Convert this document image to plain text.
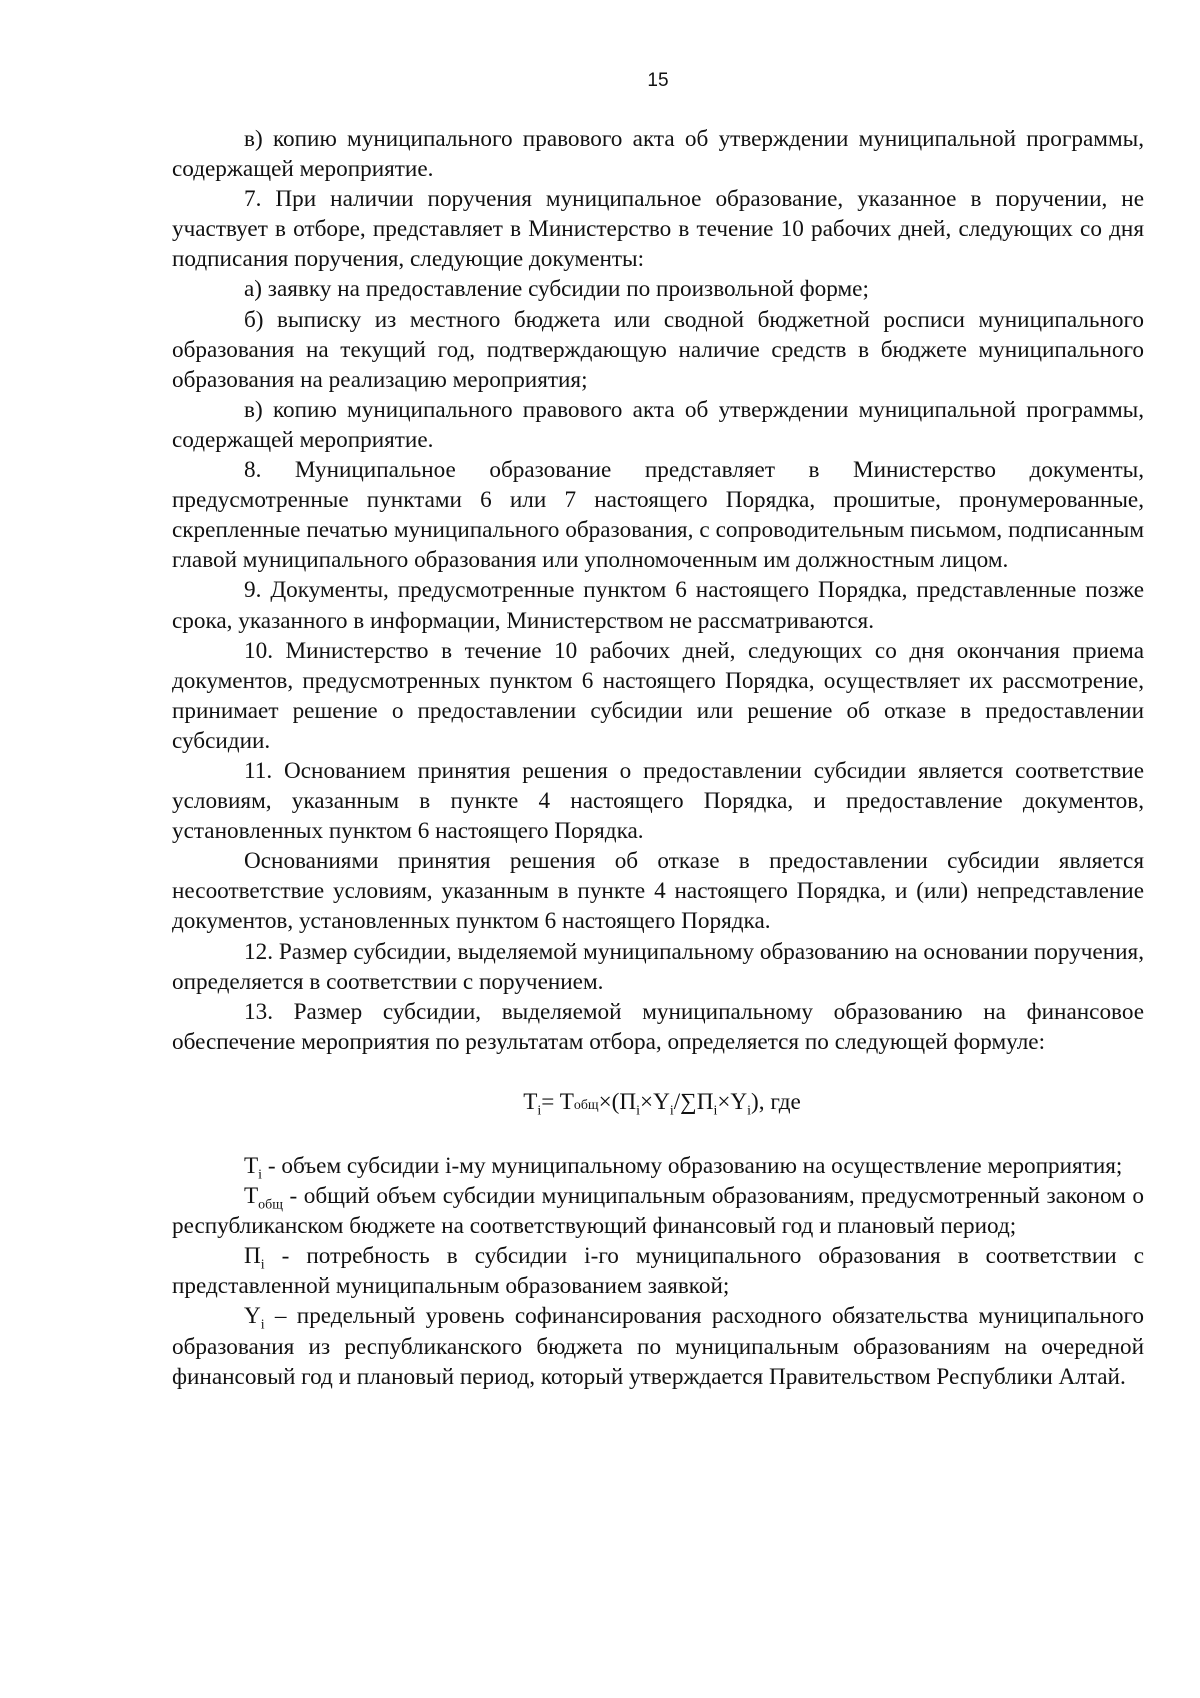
15

в) копию муниципального правового акта об утверждении муниципальной программы, содержащей мероприятие.

7. При наличии поручения муниципальное образование, указанное в поручении, не участвует в отборе, представляет в Министерство в течение 10 рабочих дней, следующих со дня подписания поручения, следующие документы:

а) заявку на предоставление субсидии по произвольной форме;

б) выписку из местного бюджета или сводной бюджетной росписи муниципального образования на текущий год, подтверждающую наличие средств в бюджете муниципального образования на реализацию мероприятия;

в) копию муниципального правового акта об утверждении муниципальной программы, содержащей мероприятие.

8. Муниципальное образование представляет в Министерство документы, предусмотренные пунктами 6 или 7 настоящего Порядка, прошитые, пронумерованные, скрепленные печатью муниципального образования, с сопроводительным письмом, подписанным главой муниципального образования или уполномоченным им должностным лицом.

9. Документы, предусмотренные пунктом 6 настоящего Порядка, представленные позже срока, указанного в информации, Министерством не рассматриваются.

10. Министерство в течение 10 рабочих дней, следующих со дня окончания приема документов, предусмотренных пунктом 6 настоящего Порядка, осуществляет их рассмотрение, принимает решение о предоставлении субсидии или решение об отказе в предоставлении субсидии.

11. Основанием принятия решения о предоставлении субсидии является соответствие условиям, указанным в пункте 4 настоящего Порядка, и предоставление документов, установленных пунктом 6 настоящего Порядка.

Основаниями принятия решения об отказе в предоставлении субсидии является несоответствие условиям, указанным в пункте 4 настоящего Порядка, и (или) непредставление документов, установленных пунктом 6 настоящего Порядка.

12. Размер субсидии, выделяемой муниципальному образованию на основании поручения, определяется в соответствии с поручением.

13. Размер субсидии, выделяемой муниципальному образованию на финансовое обеспечение мероприятия по результатам отбора, определяется по следующей формуле:

$T_i=$ $Tобщ\times(П_i\times Y_i/\sum П_i\times Y_i)$, где

$T_i$ - объем субсидии i-му муниципальному образованию на осуществление мероприятия;

$T_{общ}$ - общий объем субсидии муниципальным образованиям, предусмотренный законом о республиканском бюджете на соответствующий финансовый год и плановый период;

$П_i$ - потребность в субсидии i-го муниципального образования в соответствии с представленной муниципальным образованием заявкой;

$Y_i$ – предельный уровень софинансирования расходного обязательства муниципального образования из республиканского бюджета по муниципальным образованиям на очередной финансовый год и плановый период, который утверждается Правительством Республики Алтай.
